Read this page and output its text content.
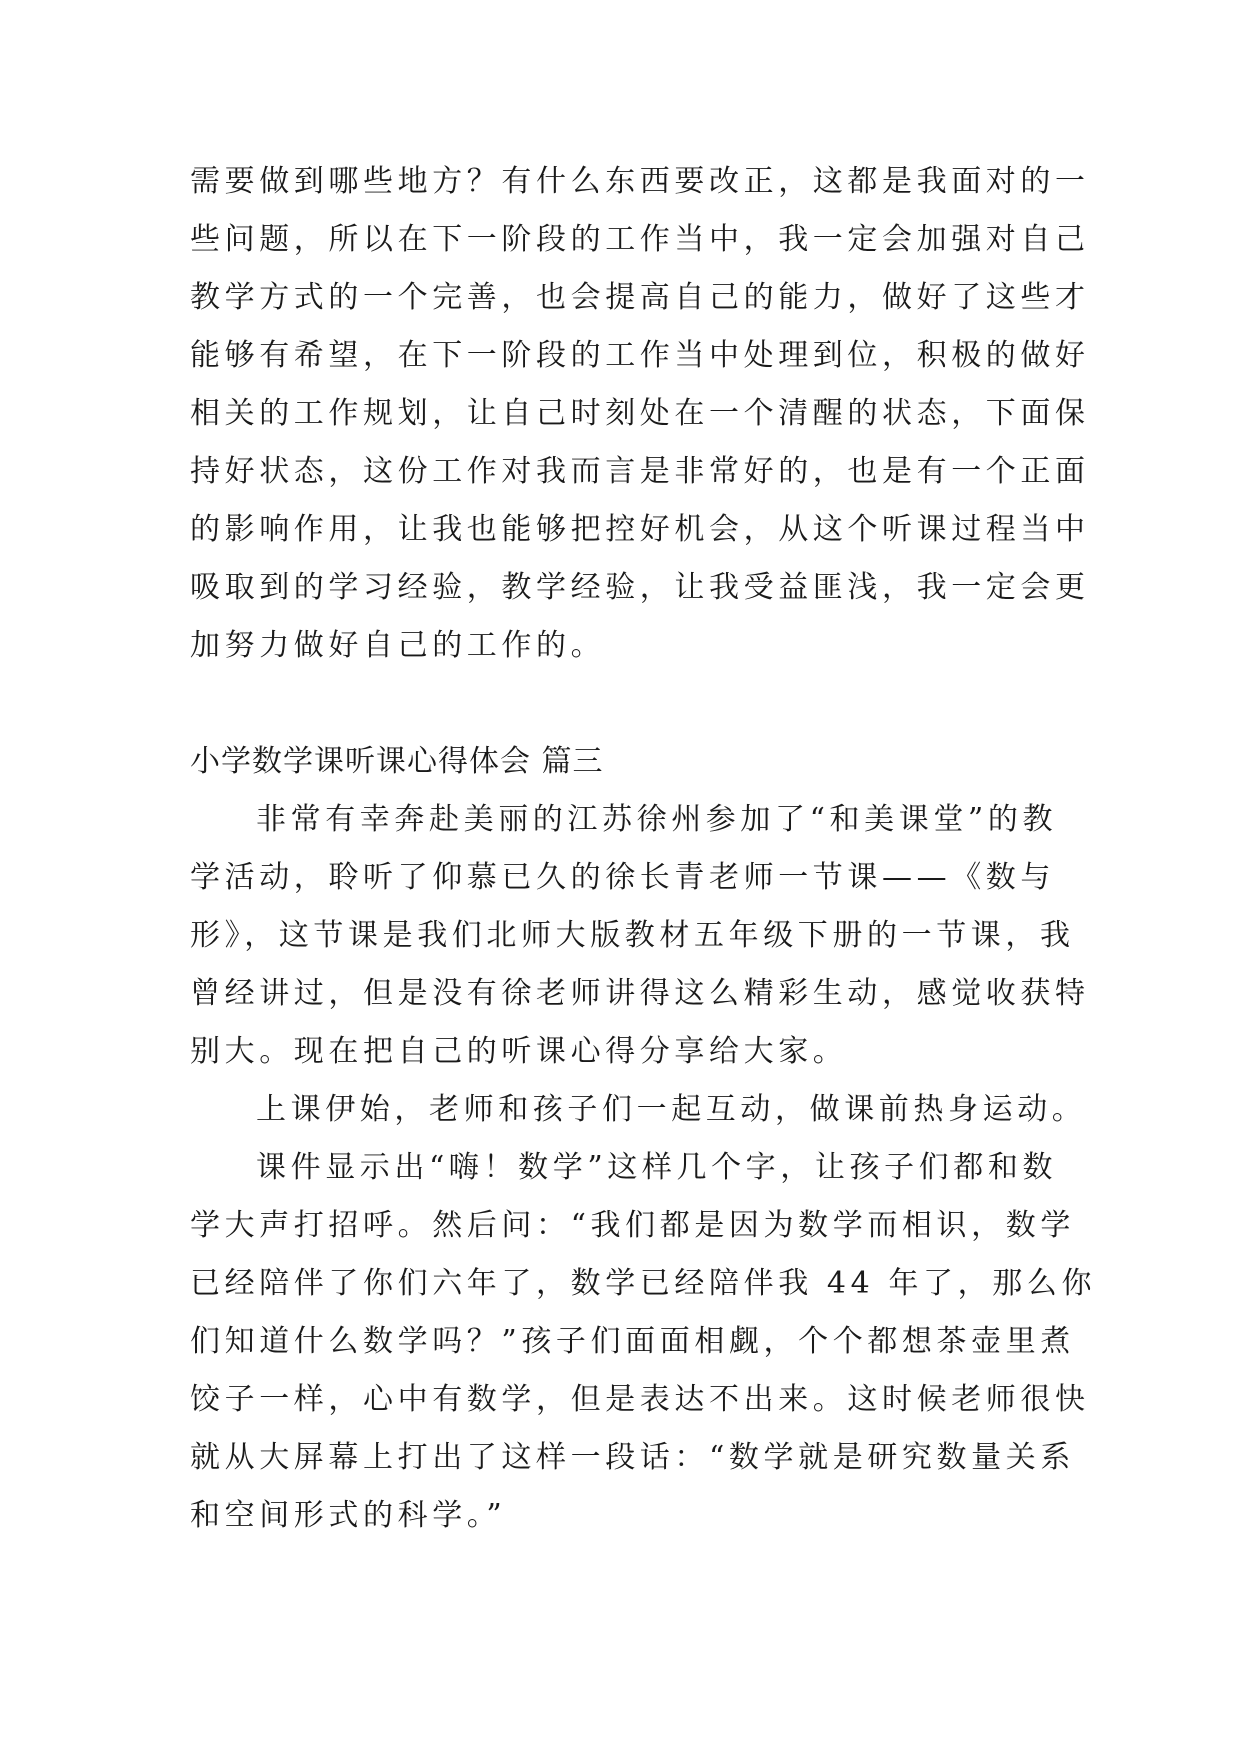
需要做到哪些地方？有什么东西要改正，这都是我面对的一

些问题，所以在下一阶段的工作当中，我一定会加强对自己

教学方式的一个完善，也会提高自己的能力，做好了这些才

能够有希望，在下一阶段的工作当中处理到位，积极的做好

相关的工作规划，让自己时刻处在一个清醒的状态，下面保

持好状态，这份工作对我而言是非常好的，也是有一个正面

的影响作用，让我也能够把控好机会，从这个听课过程当中

吸取到的学习经验，教学经验，让我受益匪浅，我一定会更

加努力做好自己的工作的。

小学数学课听课心得体会 篇三

非常有幸奔赴美丽的江苏徐州参加了“和美课堂”的教

学活动，聆听了仰慕已久的徐长青老师一节课——《数与

形》，这节课是我们北师大版教材五年级下册的一节课，我

曾经讲过，但是没有徐老师讲得这么精彩生动，感觉收获特

别大。现在把自己的听课心得分享给大家。

上课伊始，老师和孩子们一起互动，做课前热身运动。

课件显示出“嗨！数学”这样几个字，让孩子们都和数

学大声打招呼。然后问：“我们都是因为数学而相识，数学

已经陪伴了你们六年了，数学已经陪伴我 44 年了，那么你

们知道什么数学吗？”孩子们面面相觑，个个都想茶壶里煮

饺子一样，心中有数学，但是表达不出来。这时候老师很快

就从大屏幕上打出了这样一段话：“数学就是研究数量关系

和空间形式的科学。”
